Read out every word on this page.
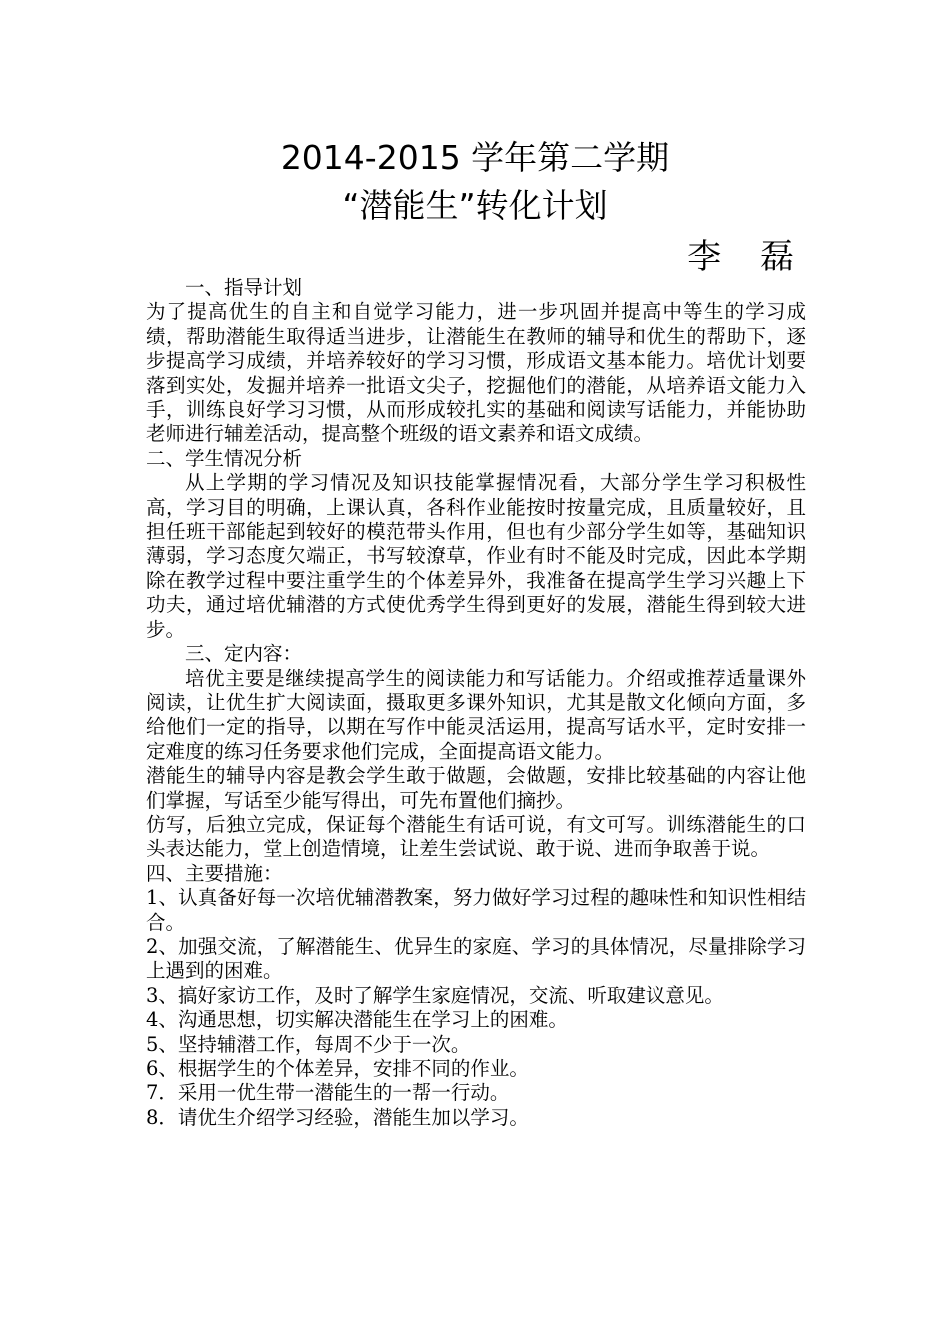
2014-2015 学年第二学期
“潜能生”转化计划
李 磊

一、指导计划

为了提高优生的自主和自觉学习能力，进一步巩固并提高中等生的学习成绩，帮助潜能生取得适当进步，让潜能生在教师的辅导和优生的帮助下，逐步提高学习成绩，并培养较好的学习习惯，形成语文基本能力。培优计划要落到实处，发掘并培养一批语文尖子，挖掘他们的潜能，从培养语文能力入手，训练良好学习习惯，从而形成较扎实的基础和阅读写话能力，并能协助老师进行辅差活动，提高整个班级的语文素养和语文成绩。

二、学生情况分析

从上学期的学习情况及知识技能掌握情况看，大部分学生学习积极性高，学习目的明确，上课认真，各科作业能按时按量完成，且质量较好，且担任班干部能起到较好的模范带头作用，但也有少部分学生如等，基础知识薄弱，学习态度欠端正，书写较潦草，作业有时不能及时完成，因此本学期除在教学过程中要注重学生的个体差异外，我准备在提高学生学习兴趣上下功夫，通过培优辅潜的方式使优秀学生得到更好的发展，潜能生得到较大进步。

三、定内容：

培优主要是继续提高学生的阅读能力和写话能力。介绍或推荐适量课外阅读，让优生扩大阅读面，摄取更多课外知识，尤其是散文化倾向方面，多给他们一定的指导，以期在写作中能灵活运用，提高写话水平，定时安排一定难度的练习任务要求他们完成，全面提高语文能力。

潜能生的辅导内容是教会学生敢于做题，会做题，安排比较基础的内容让他们掌握，写话至少能写得出，可先布置他们摘抄。

仿写，后独立完成，保证每个潜能生有话可说，有文可写。训练潜能生的口头表达能力，堂上创造情境，让差生尝试说、敢于说、进而争取善于说。

四、主要措施：

1、认真备好每一次培优辅潜教案，努力做好学习过程的趣味性和知识性相结合。

2、加强交流，了解潜能生、优异生的家庭、学习的具体情况，尽量排除学习上遇到的困难。

3、搞好家访工作，及时了解学生家庭情况，交流、听取建议意见。

4、沟通思想，切实解决潜能生在学习上的困难。

5、坚持辅潜工作，每周不少于一次。

6、根据学生的个体差异，安排不同的作业。

7．采用一优生带一潜能生的一帮一行动。

8．请优生介绍学习经验，潜能生加以学习。
